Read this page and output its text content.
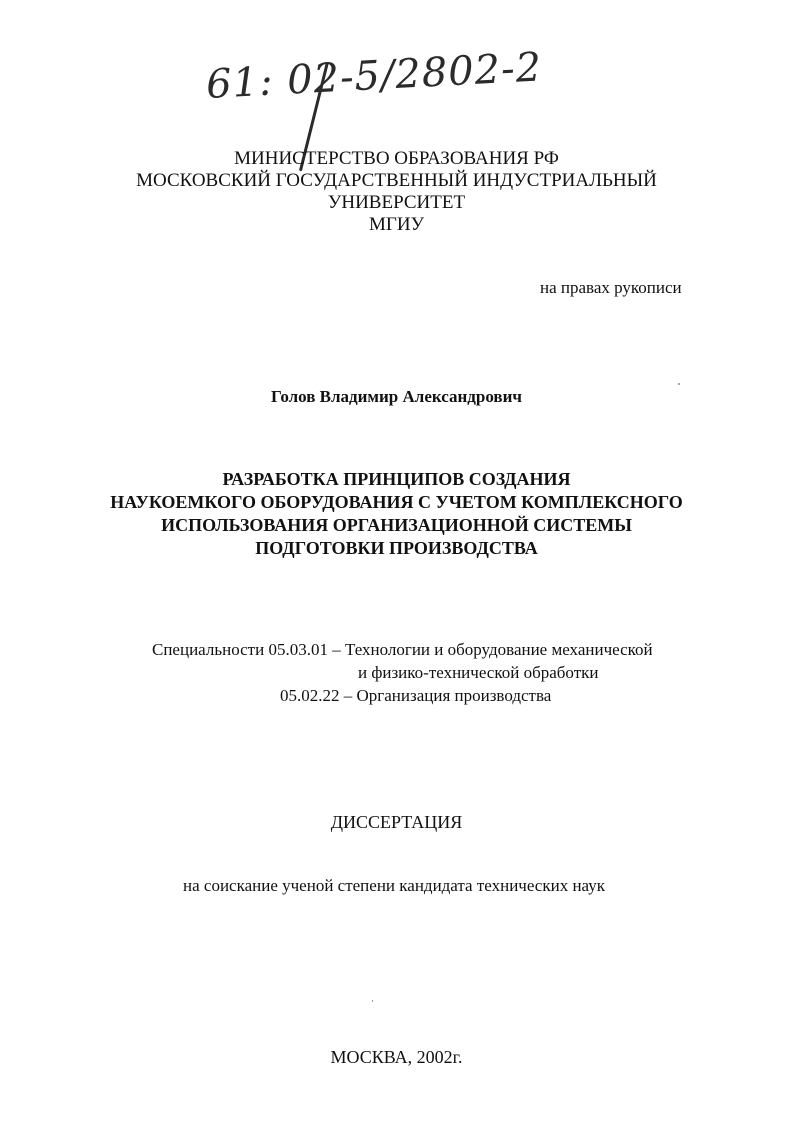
61: 02-5/2802-2
МИНИСТЕРСТВО ОБРАЗОВАНИЯ РФ
МОСКОВСКИЙ ГОСУДАРСТВЕННЫЙ ИНДУСТРИАЛЬНЫЙ
УНИВЕРСИТЕТ
МГИУ
на правах рукописи
Голов Владимир Александрович
РАЗРАБОТКА ПРИНЦИПОВ СОЗДАНИЯ
НАУКОЕМКОГО ОБОРУДОВАНИЯ С УЧЕТОМ КОМПЛЕКСНОГО
ИСПОЛЬЗОВАНИЯ ОРГАНИЗАЦИОННОЙ СИСТЕМЫ
ПОДГОТОВКИ ПРОИЗВОДСТВА
Специальности 05.03.01 – Технологии и оборудование механической
и физико-технической обработки
05.02.22 – Организация производства
ДИССЕРТАЦИЯ
на соискание ученой степени кандидата технических наук
МОСКВА, 2002г.
